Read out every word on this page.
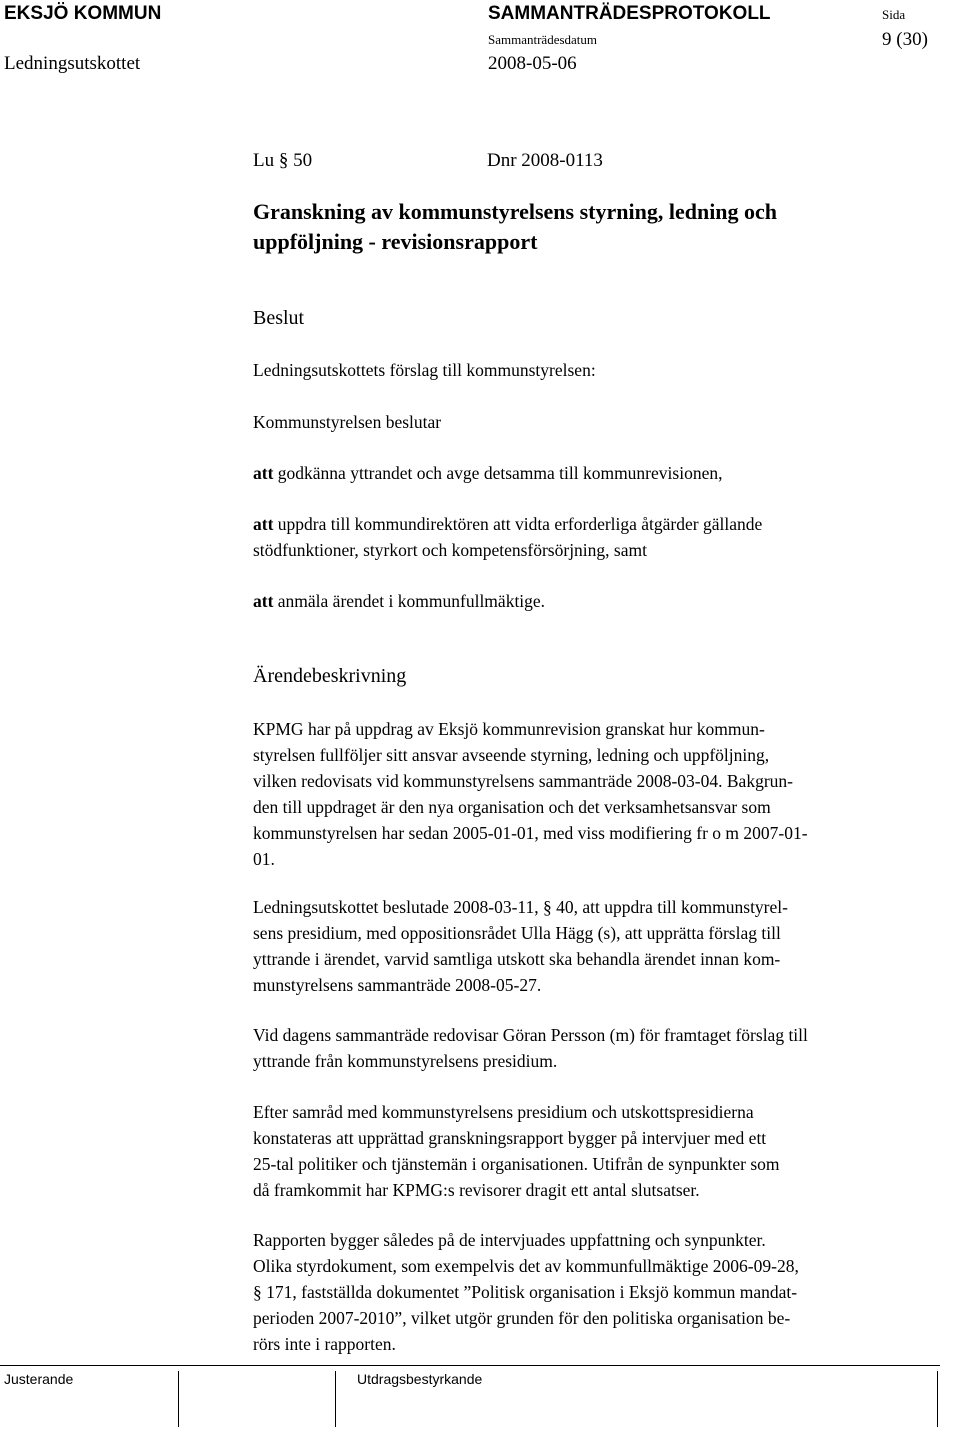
EKSJÖ KOMMUN
Ledningsutskottet
SAMMANTRÄDESPROTOKOLL
Sammanträdesdatum
2008-05-06
Sida
9 (30)
Lu § 50	Dnr 2008-0113
Granskning av kommunstyrelsens styrning, ledning och
uppföljning - revisionsrapport
Beslut
Ledningsutskottets förslag till kommunstyrelsen:
Kommunstyrelsen beslutar
att godkänna yttrandet och avge detsamma till kommunrevisionen,
att uppdra till kommundirektören att vidta erforderliga åtgärder gällande
stödfunktioner, styrkort och kompetensförsörjning, samt
att anmäla ärendet i kommunfullmäktige.
Ärendebeskrivning

KPMG har på uppdrag av Eksjö kommunrevision granskat hur kommun-

styrelsen fullföljer sitt ansvar avseende styrning, ledning och uppföljning,

vilken redovisats vid kommunstyrelsens sammanträde 2008-03-04. Bakgrun-

den till uppdraget är den nya organisation och det verksamhetsansvar som

kommunstyrelsen har sedan 2005-01-01, med viss modifiering fr o m 2007-01-

01.

Ledningsutskottet beslutade 2008-03-11, § 40, att uppdra till kommunstyrel-

sens presidium, med oppositionsrådet Ulla Hägg (s), att upprätta förslag till

yttrande i ärendet, varvid samtliga utskott ska behandla ärendet innan kom-

munstyrelsens sammanträde 2008-05-27.

Vid dagens sammanträde redovisar Göran Persson (m) för framtaget förslag till

yttrande från kommunstyrelsens presidium.

Efter samråd med kommunstyrelsens presidium och utskottspresidierna

konstateras att upprättad granskningsrapport bygger på intervjuer med ett

25-tal politiker och tjänstemän i organisationen. Utifrån de synpunkter som

då framkommit har KPMG:s revisorer dragit ett antal slutsatser.

Rapporten bygger således på de intervjuades uppfattning och synpunkter.

Olika styrdokument, som exempelvis det av kommunfullmäktige 2006-09-28,

§ 171, fastställda dokumentet ”Politisk organisation i Eksjö kommun mandat-

perioden 2007-2010”, vilket utgör grunden för den politiska organisation be-

rörs inte i rapporten.

Justerande	Utdragsbestyrkande
